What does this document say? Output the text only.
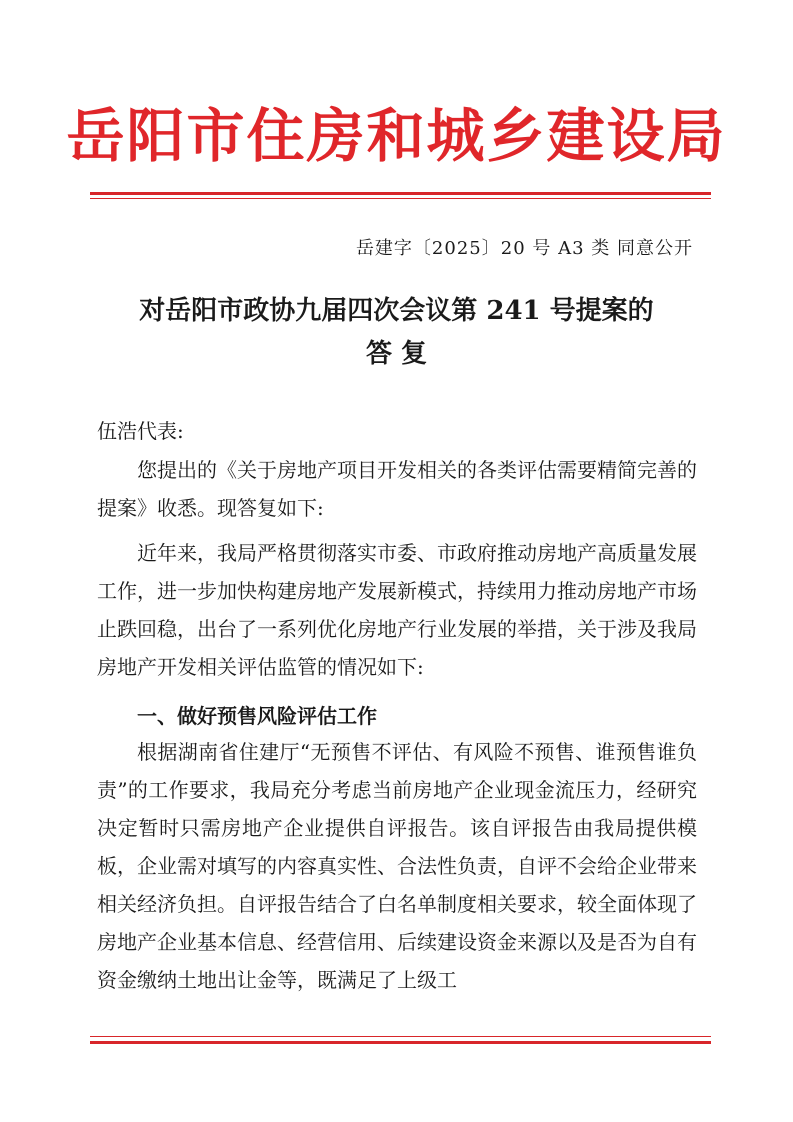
岳阳市住房和城乡建设局
岳建字〔2025〕20 号 A3 类 同意公开
对岳阳市政协九届四次会议第 241 号提案的
答 复
伍浩代表:

您提出的《关于房地产项目开发相关的各类评估需要精简完善的提案》收悉。现答复如下:

近年来，我局严格贯彻落实市委、市政府推动房地产高质量发展工作，进一步加快构建房地产发展新模式，持续用力推动房地产市场止跌回稳，出台了一系列优化房地产行业发展的举措，关于涉及我局房地产开发相关评估监管的情况如下:

一、做好预售风险评估工作

根据湖南省住建厅“无预售不评估、有风险不预售、谁预售谁负责”的工作要求，我局充分考虑当前房地产企业现金流压力，经研究决定暂时只需房地产企业提供自评报告。该自评报告由我局提供模板，企业需对填写的内容真实性、合法性负责，自评不会给企业带来相关经济负担。自评报告结合了白名单制度相关要求，较全面体现了房地产企业基本信息、经营信用、后续建设资金来源以及是否为自有资金缴纳土地出让金等，既满足了上级工
